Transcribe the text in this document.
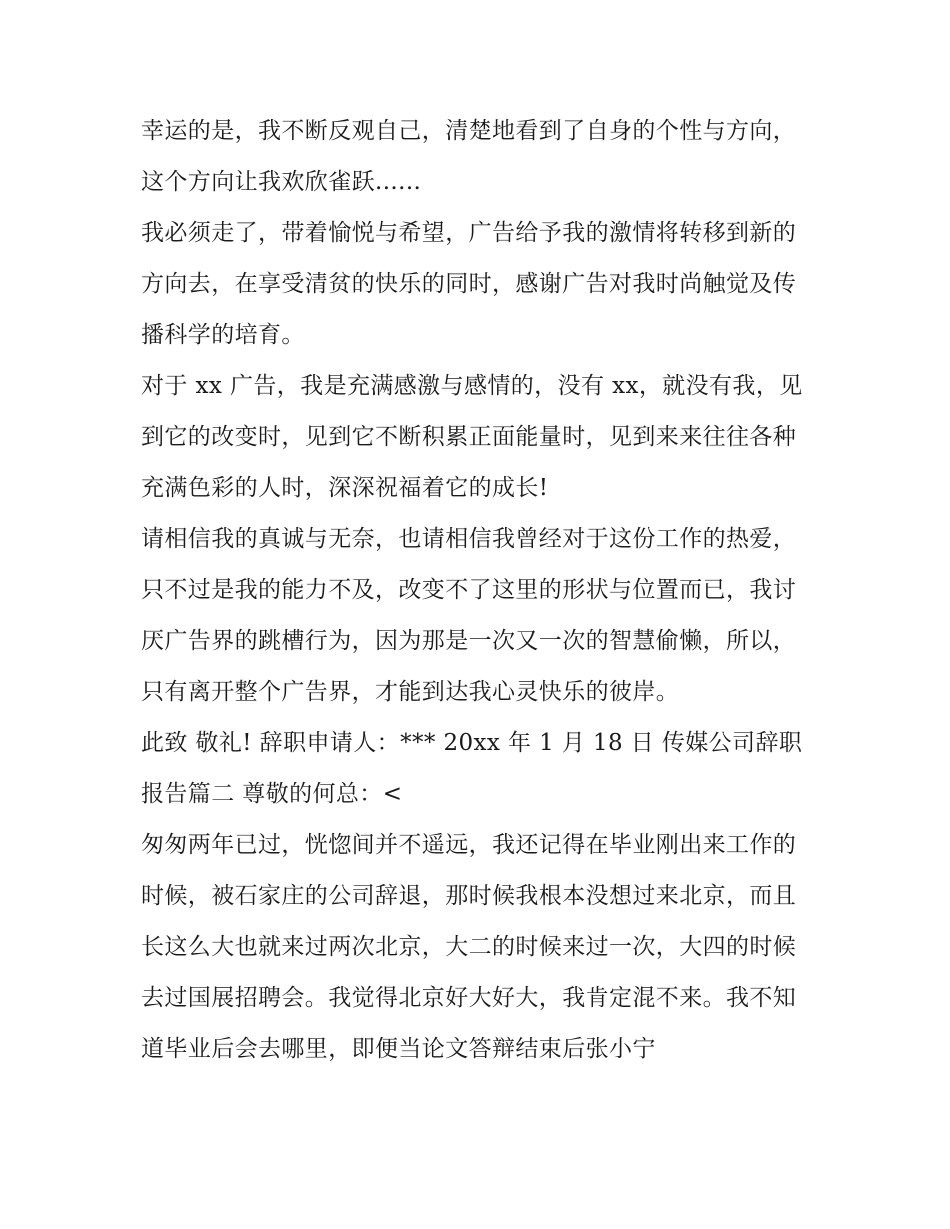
幸运的是，我不断反观自己，清楚地看到了自身的个性与方向，这个方向让我欢欣雀跃......

我必须走了，带着愉悦与希望，广告给予我的激情将转移到新的方向去，在享受清贫的快乐的同时，感谢广告对我时尚触觉及传播科学的培育。

对于 xx 广告，我是充满感激与感情的，没有 xx，就没有我，见到它的改变时，见到它不断积累正面能量时，见到来来往往各种充满色彩的人时，深深祝福着它的成长!

请相信我的真诚与无奈，也请相信我曾经对于这份工作的热爱，只不过是我的能力不及，改变不了这里的形状与位置而已，我讨厌广告界的跳槽行为，因为那是一次又一次的智慧偷懒，所以，只有离开整个广告界，才能到达我心灵快乐的彼岸。

此致 敬礼! 辞职申请人：*** 20xx 年 1 月 18 日 传媒公司辞职报告篇二 尊敬的何总：<

匆匆两年已过，恍惚间并不遥远，我还记得在毕业刚出来工作的时候，被石家庄的公司辞退，那时候我根本没想过来北京，而且长这么大也就来过两次北京，大二的时候来过一次，大四的时候去过国展招聘会。我觉得北京好大好大，我肯定混不来。我不知道毕业后会去哪里，即便当论文答辩结束后张小宁
